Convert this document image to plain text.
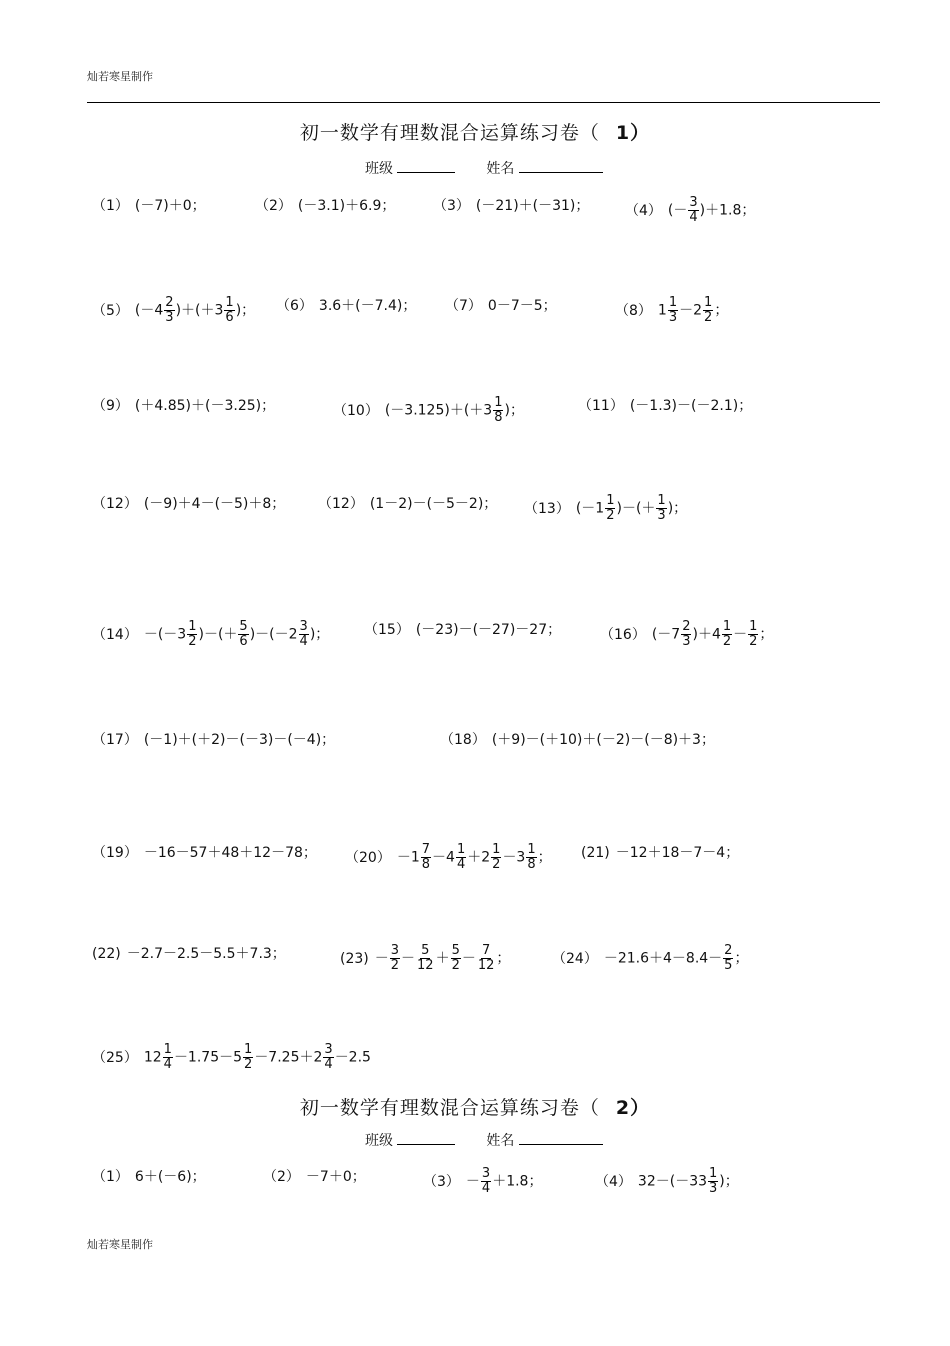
灿若寒星制作
初一数学有理数混合运算练习卷（ 1）
班级	姓名
（1） (－7)＋0；	（2） (－3.1)＋6.9；	（3） (－21)＋(－31)；	（4） (－ $\frac{3}{4} )+1.8$；
（5） $(-4 \frac{2}{3} )+(+3 \frac{1}{6}$ )； （6） 3.6＋(－7.4)； （7） 0－7－5；	（8） $1 \frac{1}{3} -2 \frac{1}{2}$ ；
（9） (＋4.85)＋(－3.25)；	（10） $(-3.125)+(+3 \frac{1}{8}$ )；	（11） (－1.3)－(－2.1)；
（12） (－9)＋4－(－5)＋8； （12） (1－2)－(－5－2)； （13） ($-1 \frac{1}{2}$ )－(＋ $\frac{1}{3}$ )；
$(14) -(-3 \frac{1}{2}$ )－(＋ $\frac{5}{6} )-(-2 \frac{3}{4}$ )； （15） (－23)－(－27)－27；	（16） $(-7 \frac{2}{3} )+4 \frac{1}{2} - \frac{1}{2}$ ；
（17） (－1)＋(＋2)－(－3)－(－4)；	（18） (＋9)－(＋10)＋(－2)－(－8)＋3；
（19） －16－57＋48＋12－78； $(20) -1 \frac{7}{8} -4 \frac{1}{4} +2 \frac{1}{2} -3 \frac{1}{8}$ ； (21) －12＋18－7－4；
(22) －2.7－2.5－5.5＋7.3；	$(23) - \frac{3}{2} - \frac{5}{12} + \frac{5}{2} - \frac{7}{12}$ ；	$(24) -21.6+4-8.4- \frac{2}{5}$ ；
（25） $12 \frac{1}{4} -1.75-5 \frac{1}{2} -7.25+2 \frac{3}{4} -2.5$
初一数学有理数混合运算练习卷（ 2）
班级	姓名
（1） 6＋(－6)；	（2） －7＋0；	$(3) - \frac{3}{4} +1.8$；	（4） $32-(-33 \frac{1}{3}$ )；
灿若寒星制作
